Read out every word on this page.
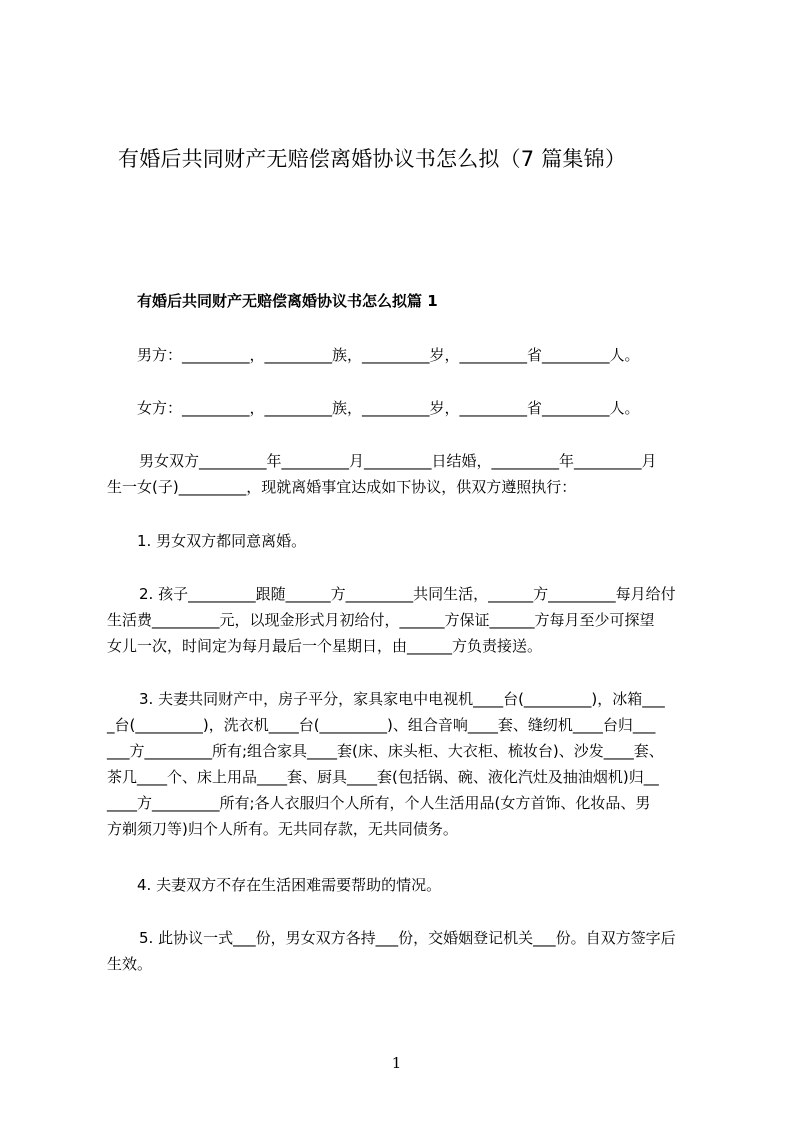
有婚后共同财产无赔偿离婚协议书怎么拟（7 篇集锦）
有婚后共同财产无赔偿离婚协议书怎么拟篇 1

男方：_________，_________族，_________岁，_________省_________人。

女方：_________，_________族，_________岁，_________省_________人。

男女双方_________年_________月_________日结婚，_________年_________月
生一女(子)_________，现就离婚事宜达成如下协议，供双方遵照执行：

1. 男女双方都同意离婚。

2. 孩子_________跟随______方_________共同生活，______方_________每月给付
生活费_________元，以现金形式月初给付，______方保证______方每月至少可探望
女儿一次，时间定为每月最后一个星期日，由______方负责接送。

3. 夫妻共同财产中，房子平分，家具家电中电视机____台(_________)，冰箱___
_台(_________)，洗衣机____台(_________)、组合音响____套、缝纫机____台归___
___方_________所有;组合家具____套(床、床头柜、大衣柜、梳妆台)、沙发____套、
茶几____个、床上用品____套、厨具____套(包括锅、碗、液化汽灶及抽油烟机)归__
____方_________所有;各人衣服归个人所有，个人生活用品(女方首饰、化妆品、男
方剃须刀等)归个人所有。无共同存款，无共同债务。

4. 夫妻双方不存在生活困难需要帮助的情况。

5. 此协议一式___份，男女双方各持___份，交婚姻登记机关___份。自双方签字后
生效。

1
